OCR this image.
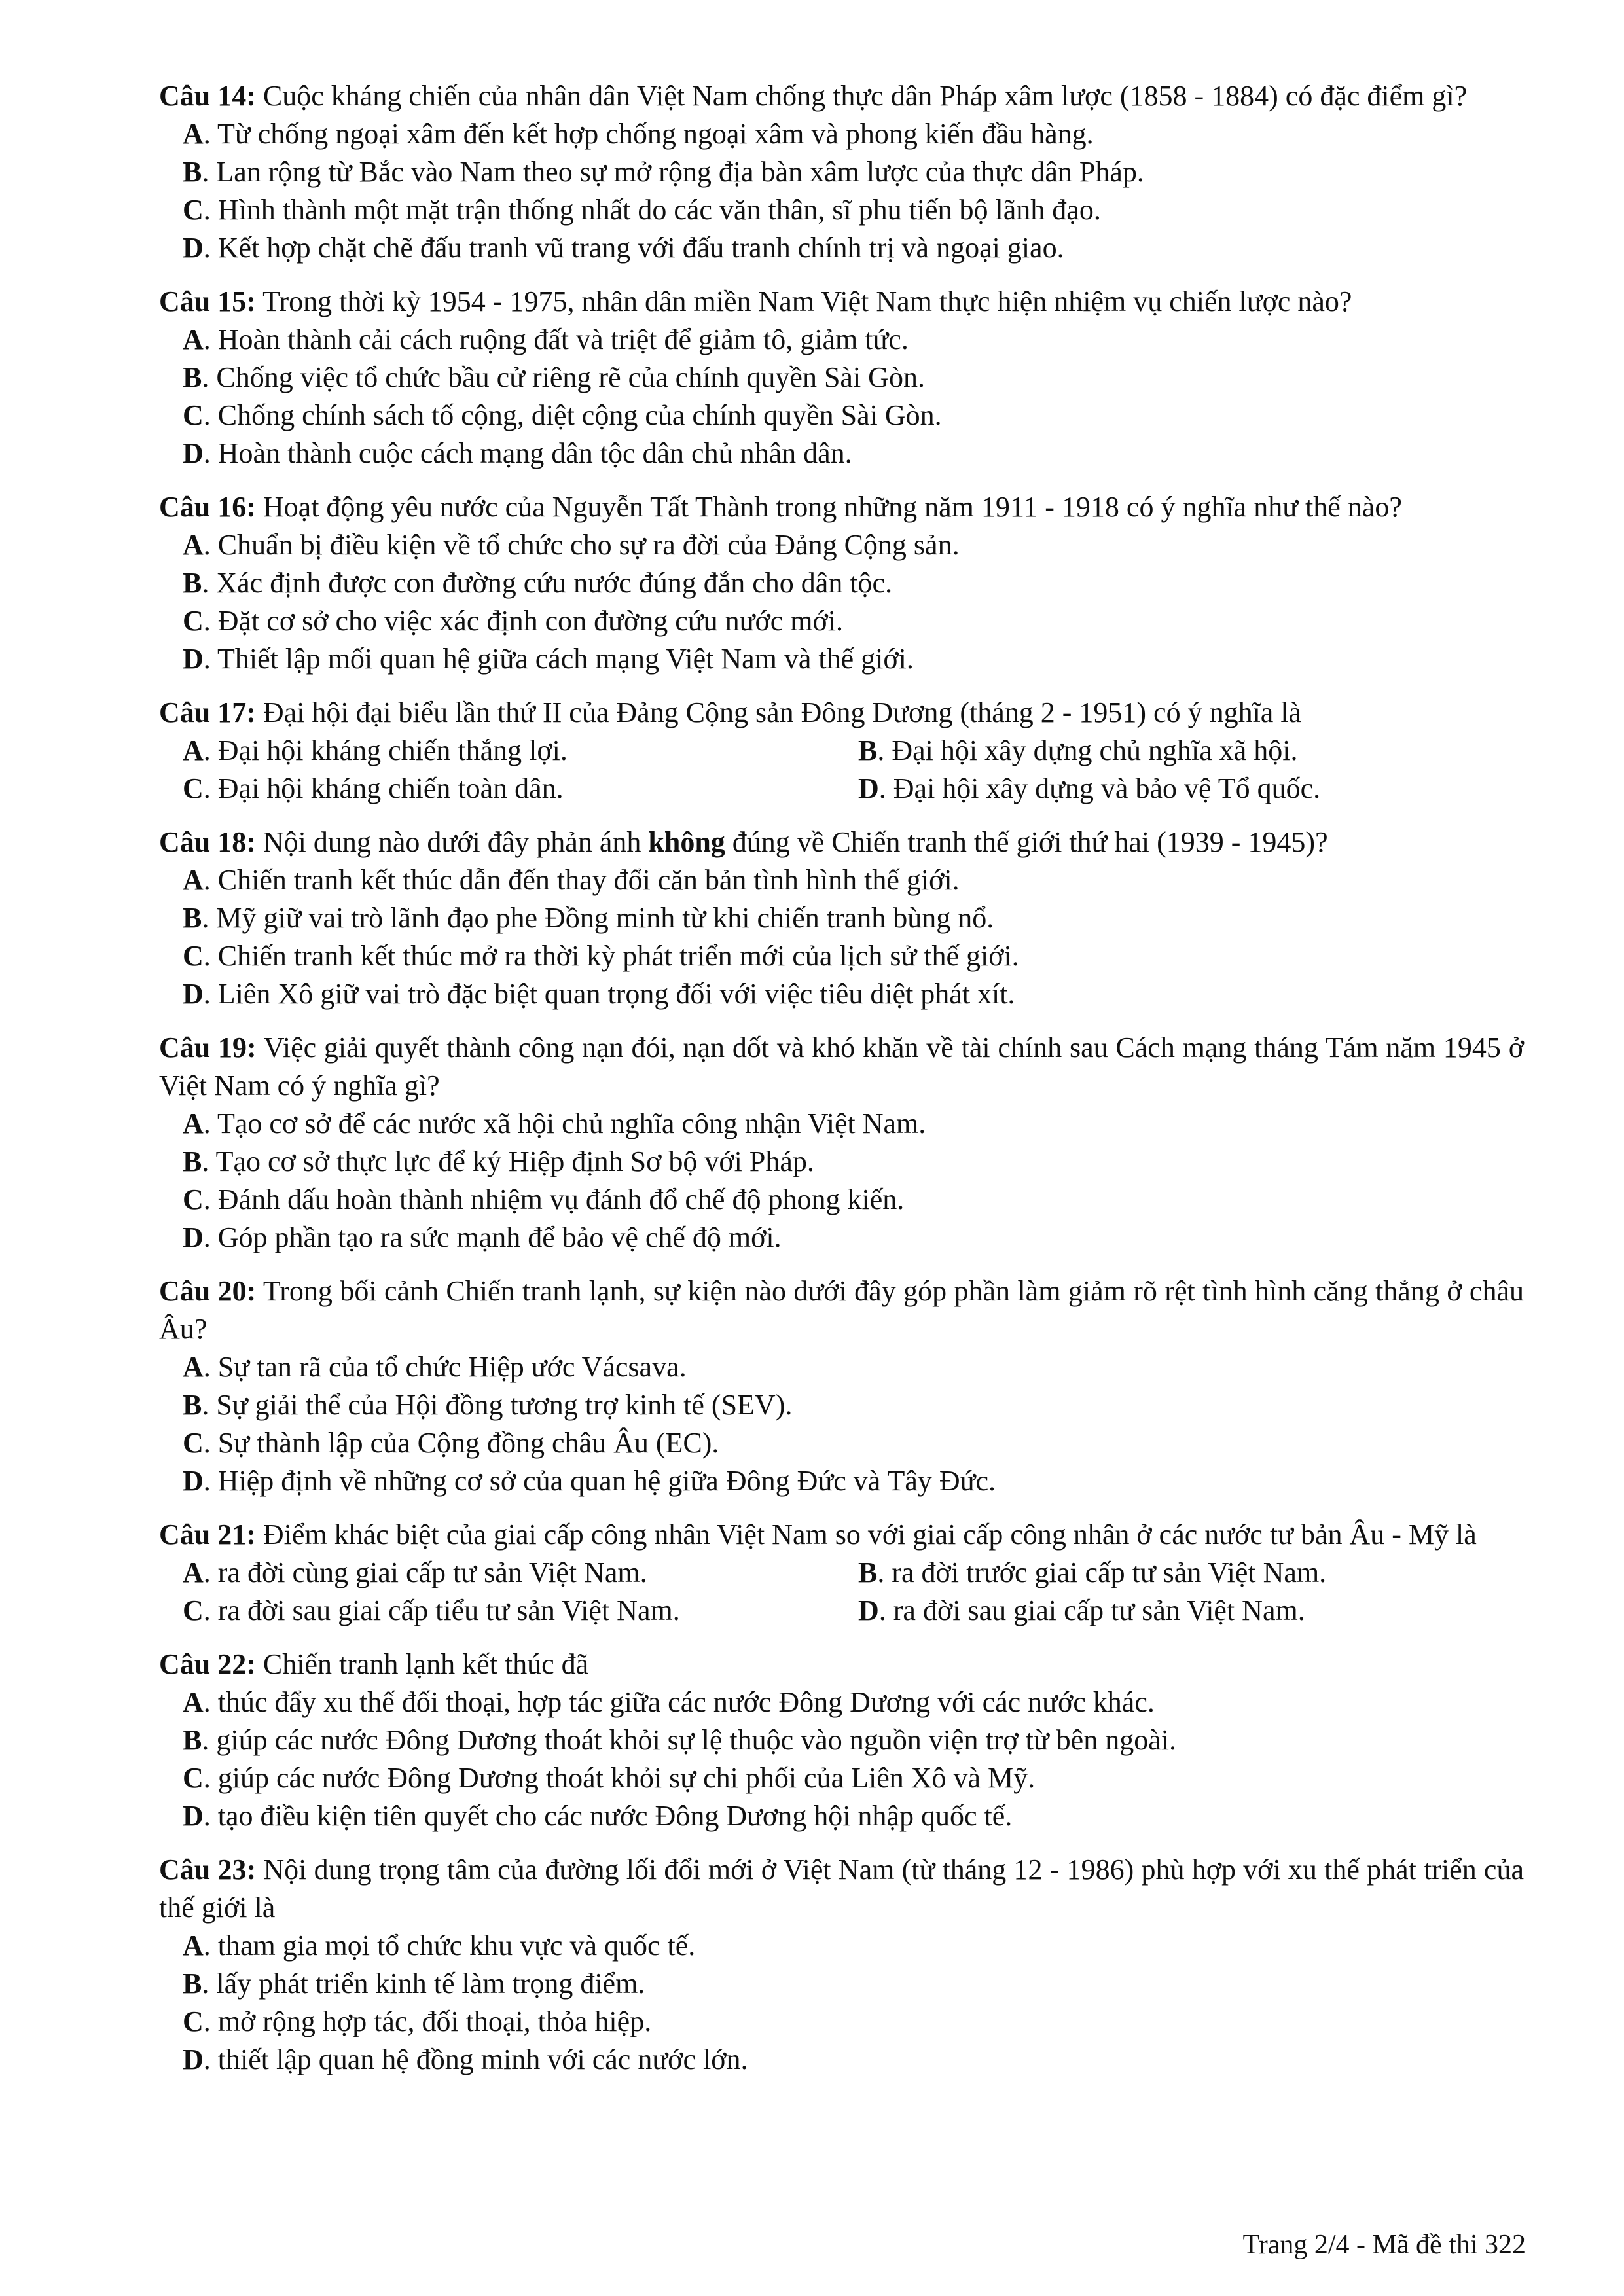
Câu 14: Cuộc kháng chiến của nhân dân Việt Nam chống thực dân Pháp xâm lược (1858 - 1884) có đặc điểm gì?
A. Từ chống ngoại xâm đến kết hợp chống ngoại xâm và phong kiến đầu hàng.
B. Lan rộng từ Bắc vào Nam theo sự mở rộng địa bàn xâm lược của thực dân Pháp.
C. Hình thành một mặt trận thống nhất do các văn thân, sĩ phu tiến bộ lãnh đạo.
D. Kết hợp chặt chẽ đấu tranh vũ trang với đấu tranh chính trị và ngoại giao.
Câu 15: Trong thời kỳ 1954 - 1975, nhân dân miền Nam Việt Nam thực hiện nhiệm vụ chiến lược nào?
A. Hoàn thành cải cách ruộng đất và triệt để giảm tô, giảm tức.
B. Chống việc tổ chức bầu cử riêng rẽ của chính quyền Sài Gòn.
C. Chống chính sách tố cộng, diệt cộng của chính quyền Sài Gòn.
D. Hoàn thành cuộc cách mạng dân tộc dân chủ nhân dân.
Câu 16: Hoạt động yêu nước của Nguyễn Tất Thành trong những năm 1911 - 1918 có ý nghĩa như thế nào?
A. Chuẩn bị điều kiện về tổ chức cho sự ra đời của Đảng Cộng sản.
B. Xác định được con đường cứu nước đúng đắn cho dân tộc.
C. Đặt cơ sở cho việc xác định con đường cứu nước mới.
D. Thiết lập mối quan hệ giữa cách mạng Việt Nam và thế giới.
Câu 17: Đại hội đại biểu lần thứ II của Đảng Cộng sản Đông Dương (tháng 2 - 1951) có ý nghĩa là
A. Đại hội kháng chiến thắng lợi.	B. Đại hội xây dựng chủ nghĩa xã hội.
C. Đại hội kháng chiến toàn dân.	D. Đại hội xây dựng và bảo vệ Tổ quốc.
Câu 18: Nội dung nào dưới đây phản ánh không đúng về Chiến tranh thế giới thứ hai (1939 - 1945)?
A. Chiến tranh kết thúc dẫn đến thay đổi căn bản tình hình thế giới.
B. Mỹ giữ vai trò lãnh đạo phe Đồng minh từ khi chiến tranh bùng nổ.
C. Chiến tranh kết thúc mở ra thời kỳ phát triển mới của lịch sử thế giới.
D. Liên Xô giữ vai trò đặc biệt quan trọng đối với việc tiêu diệt phát xít.
Câu 19: Việc giải quyết thành công nạn đói, nạn dốt và khó khăn về tài chính sau Cách mạng tháng Tám năm 1945 ở Việt Nam có ý nghĩa gì?
A. Tạo cơ sở để các nước xã hội chủ nghĩa công nhận Việt Nam.
B. Tạo cơ sở thực lực để ký Hiệp định Sơ bộ với Pháp.
C. Đánh dấu hoàn thành nhiệm vụ đánh đổ chế độ phong kiến.
D. Góp phần tạo ra sức mạnh để bảo vệ chế độ mới.
Câu 20: Trong bối cảnh Chiến tranh lạnh, sự kiện nào dưới đây góp phần làm giảm rõ rệt tình hình căng thẳng ở châu Âu?
A. Sự tan rã của tổ chức Hiệp ước Vácsava.
B. Sự giải thể của Hội đồng tương trợ kinh tế (SEV).
C. Sự thành lập của Cộng đồng châu Âu (EC).
D. Hiệp định về những cơ sở của quan hệ giữa Đông Đức và Tây Đức.
Câu 21: Điểm khác biệt của giai cấp công nhân Việt Nam so với giai cấp công nhân ở các nước tư bản Âu - Mỹ là
A. ra đời cùng giai cấp tư sản Việt Nam.	B. ra đời trước giai cấp tư sản Việt Nam.
C. ra đời sau giai cấp tiểu tư sản Việt Nam.	D. ra đời sau giai cấp tư sản Việt Nam.
Câu 22: Chiến tranh lạnh kết thúc đã
A. thúc đẩy xu thế đối thoại, hợp tác giữa các nước Đông Dương với các nước khác.
B. giúp các nước Đông Dương thoát khỏi sự lệ thuộc vào nguồn viện trợ từ bên ngoài.
C. giúp các nước Đông Dương thoát khỏi sự chi phối của Liên Xô và Mỹ.
D. tạo điều kiện tiên quyết cho các nước Đông Dương hội nhập quốc tế.
Câu 23: Nội dung trọng tâm của đường lối đổi mới ở Việt Nam (từ tháng 12 - 1986) phù hợp với xu thế phát triển của thế giới là
A. tham gia mọi tổ chức khu vực và quốc tế.
B. lấy phát triển kinh tế làm trọng điểm.
C. mở rộng hợp tác, đối thoại, thỏa hiệp.
D. thiết lập quan hệ đồng minh với các nước lớn.
Trang 2/4 - Mã đề thi 322
